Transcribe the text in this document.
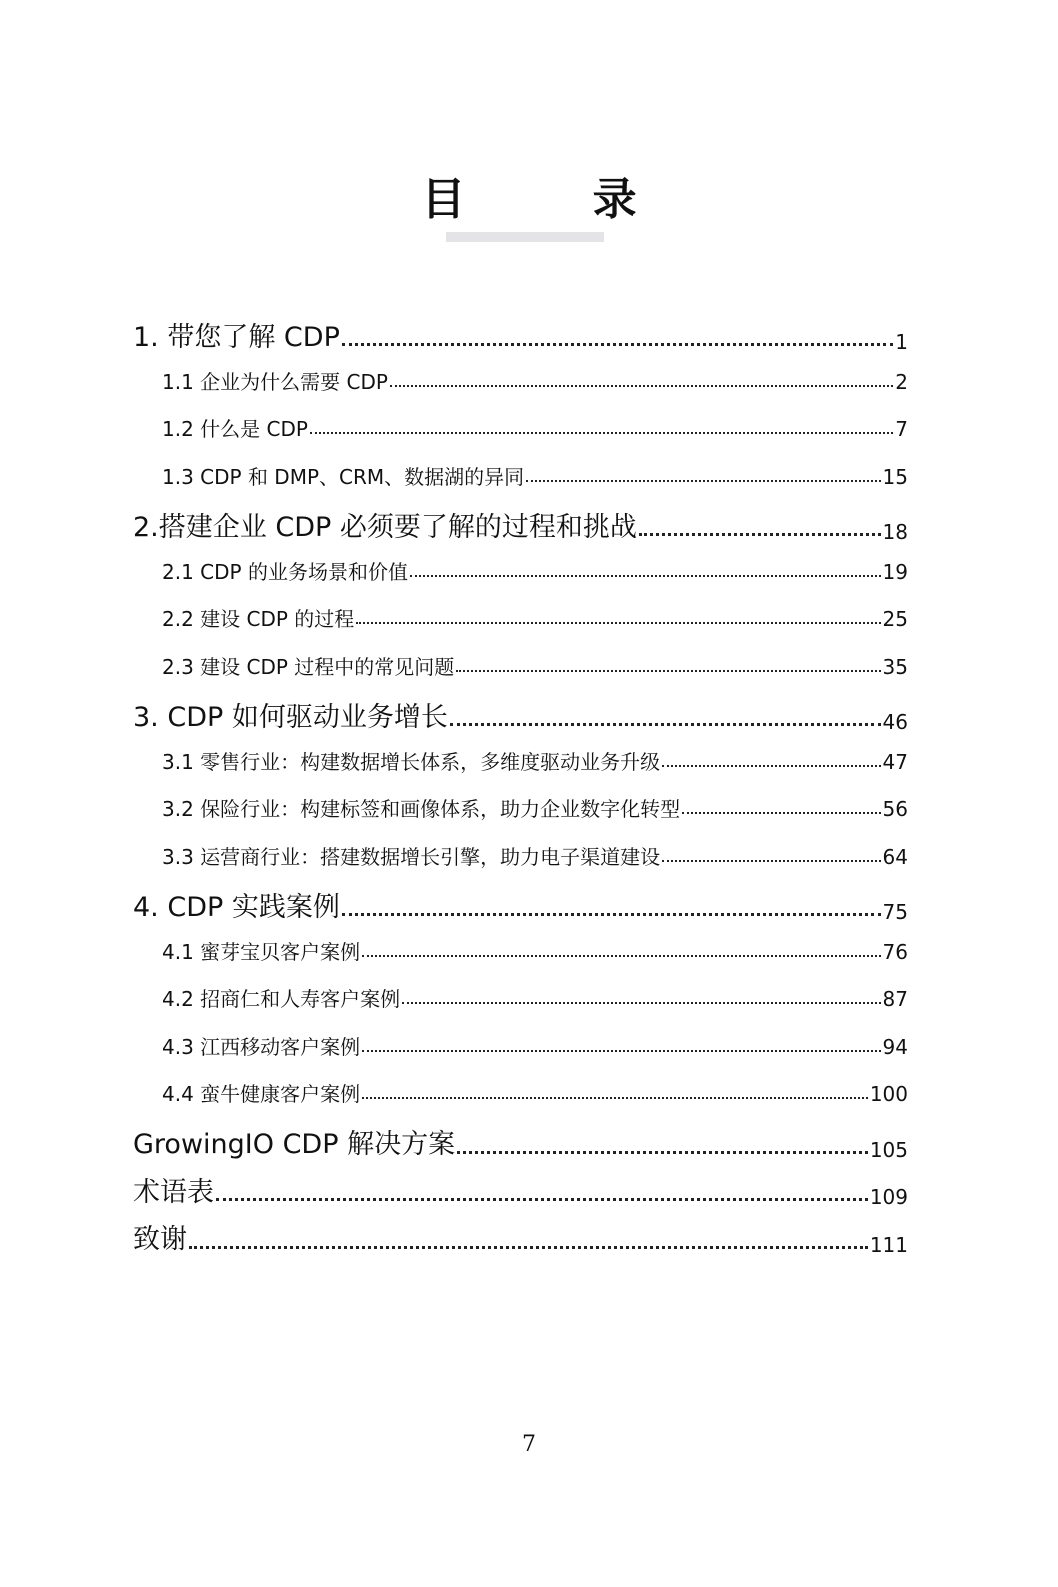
目 录
1. 带您了解 CDP	1
1.1 企业为什么需要 CDP	2
1.2 什么是 CDP	7
1.3 CDP 和 DMP、CRM、数据湖的异同	15
2.搭建企业 CDP 必须要了解的过程和挑战	18
2.1 CDP 的业务场景和价值	19
2.2 建设 CDP 的过程	25
2.3 建设 CDP 过程中的常见问题	35
3. CDP 如何驱动业务增长	46
3.1 零售行业：构建数据增长体系，多维度驱动业务升级	47
3.2 保险行业：构建标签和画像体系，助力企业数字化转型	56
3.3 运营商行业：搭建数据增长引擎，助力电子渠道建设	64
4. CDP 实践案例	75
4.1 蜜芽宝贝客户案例	76
4.2 招商仁和人寿客户案例	87
4.3 江西移动客户案例	94
4.4 蛮牛健康客户案例	100
GrowingIO CDP 解决方案	105
术语表	109
致谢	111
7
